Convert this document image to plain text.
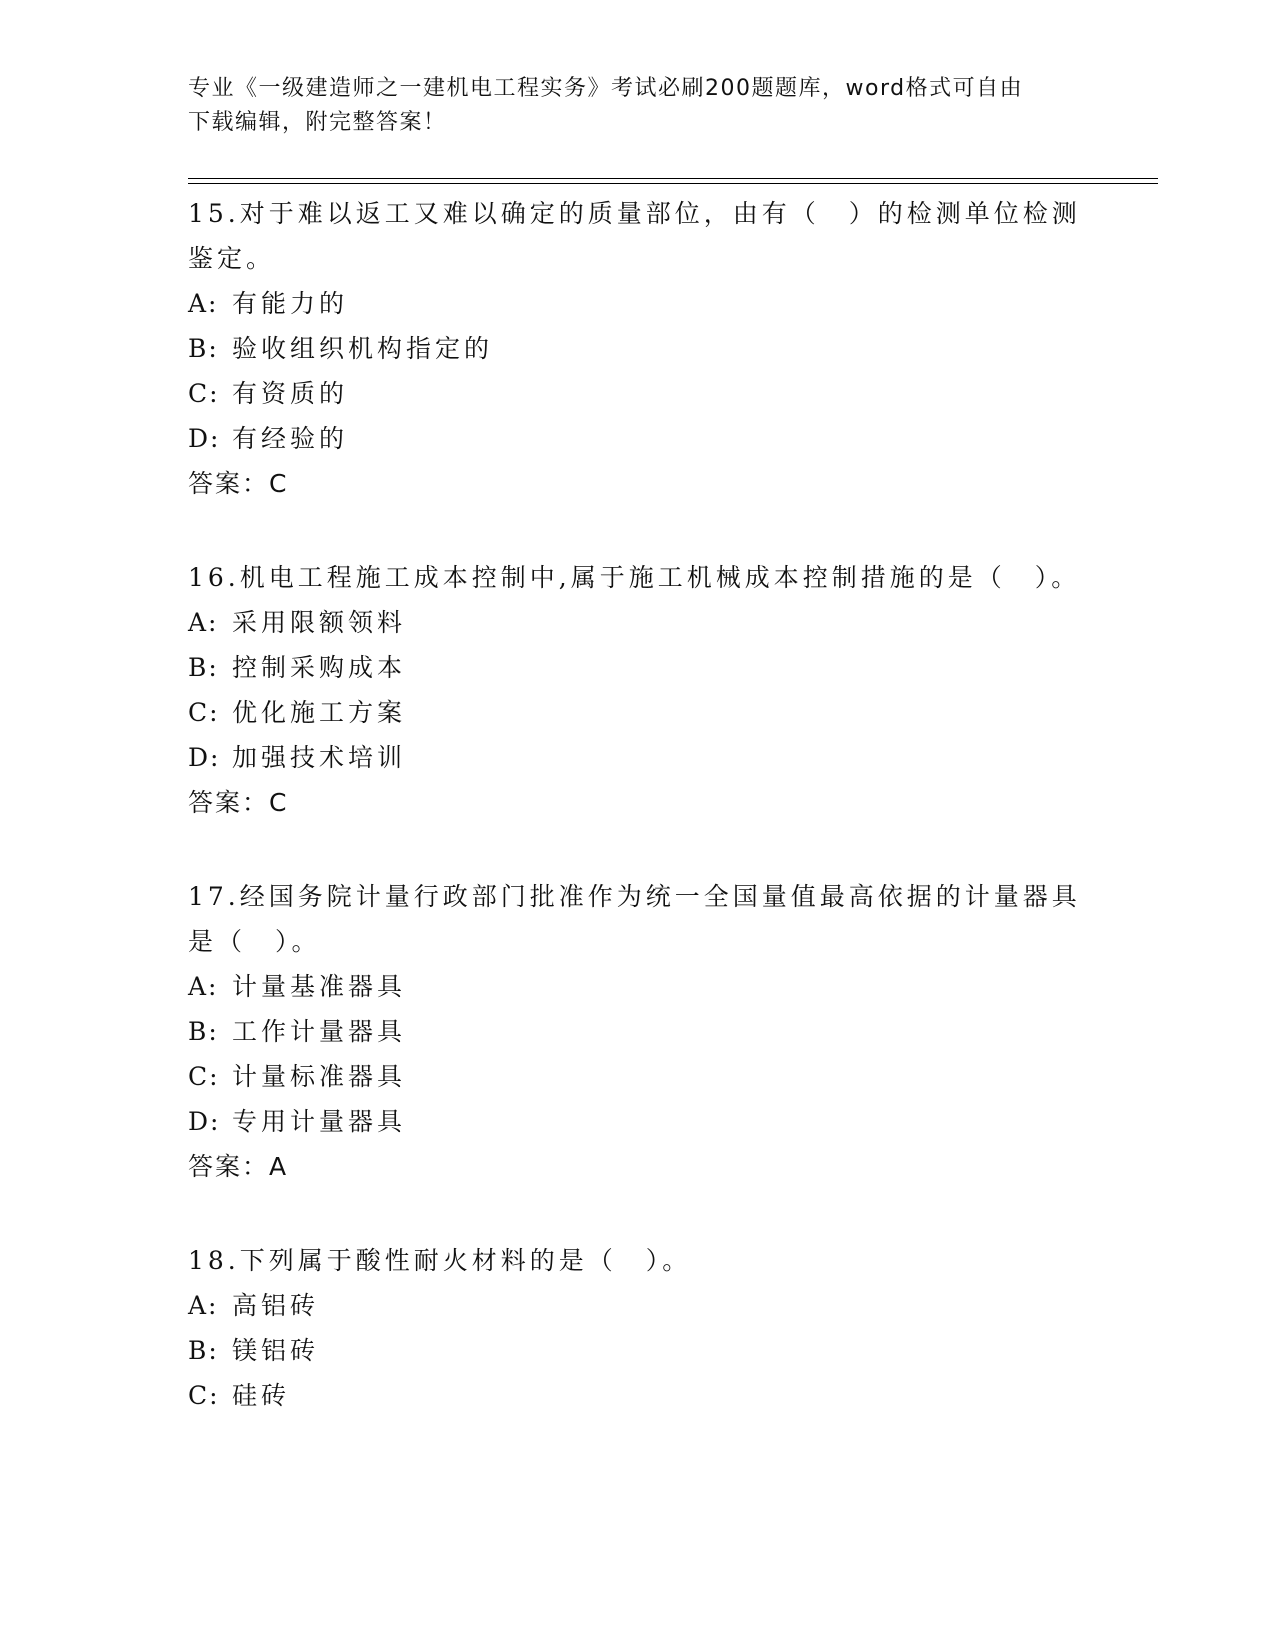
专业《一级建造师之一建机电工程实务》考试必刷200题题库，word格式可自由
下载编辑，附完整答案！
15.对于难以返工又难以确定的质量部位，由有（　）的检测单位检测鉴定。
A: 有能力的
B: 验收组织机构指定的
C: 有资质的
D: 有经验的
答案：C
16.机电工程施工成本控制中,属于施工机械成本控制措施的是（　）。
A: 采用限额领料
B: 控制采购成本
C: 优化施工方案
D: 加强技术培训
答案：C
17.经国务院计量行政部门批准作为统一全国量值最高依据的计量器具是（　）。
A: 计量基准器具
B: 工作计量器具
C: 计量标准器具
D: 专用计量器具
答案：A
18.下列属于酸性耐火材料的是（　）。
A: 高铝砖
B: 镁铝砖
C: 硅砖
